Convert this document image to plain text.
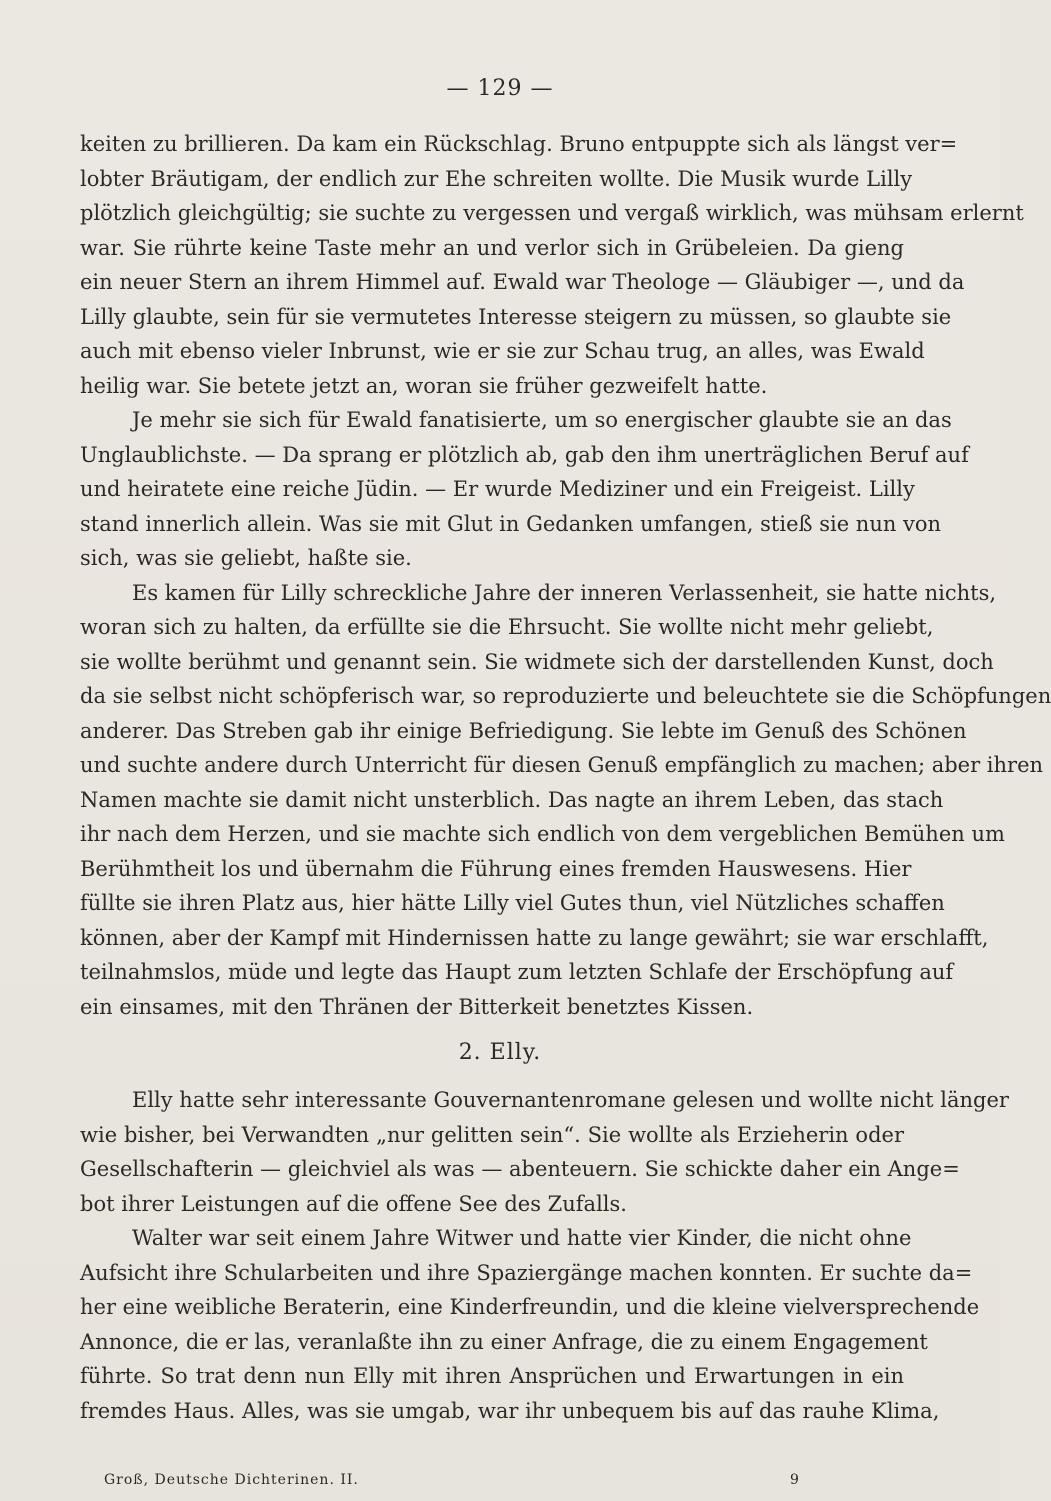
— 129 —
keiten zu brillieren. Da kam ein Rückschlag. Bruno entpuppte sich als längst ver=
lobter Bräutigam, der endlich zur Ehe schreiten wollte. Die Musik wurde Lilly
plötzlich gleichgültig; sie suchte zu vergessen und vergaß wirklich, was mühsam erlernt
war. Sie rührte keine Taste mehr an und verlor sich in Grübeleien. Da gieng
ein neuer Stern an ihrem Himmel auf. Ewald war Theologe — Gläubiger —, und da
Lilly glaubte, sein für sie vermutetes Interesse steigern zu müssen, so glaubte sie
auch mit ebenso vieler Inbrunst, wie er sie zur Schau trug, an alles, was Ewald
heilig war. Sie betete jetzt an, woran sie früher gezweifelt hatte.
Je mehr sie sich für Ewald fanatisierte, um so energischer glaubte sie an das
Unglaublichste. — Da sprang er plötzlich ab, gab den ihm unerträglichen Beruf auf
und heiratete eine reiche Jüdin. — Er wurde Mediziner und ein Freigeist. Lilly
stand innerlich allein. Was sie mit Glut in Gedanken umfangen, stieß sie nun von
sich, was sie geliebt, haßte sie.
Es kamen für Lilly schreckliche Jahre der inneren Verlassenheit, sie hatte nichts,
woran sich zu halten, da erfüllte sie die Ehrsucht. Sie wollte nicht mehr geliebt,
sie wollte berühmt und genannt sein. Sie widmete sich der darstellenden Kunst, doch
da sie selbst nicht schöpferisch war, so reproduzierte und beleuchtete sie die Schöpfungen
anderer. Das Streben gab ihr einige Befriedigung. Sie lebte im Genuß des Schönen
und suchte andere durch Unterricht für diesen Genuß empfänglich zu machen; aber ihren
Namen machte sie damit nicht unsterblich. Das nagte an ihrem Leben, das stach
ihr nach dem Herzen, und sie machte sich endlich von dem vergeblichen Bemühen um
Berühmtheit los und übernahm die Führung eines fremden Hauswesens. Hier
füllte sie ihren Platz aus, hier hätte Lilly viel Gutes thun, viel Nützliches schaffen
können, aber der Kampf mit Hindernissen hatte zu lange gewährt; sie war erschlafft,
teilnahmslos, müde und legte das Haupt zum letzten Schlafe der Erschöpfung auf
ein einsames, mit den Thränen der Bitterkeit benetztes Kissen.
2. Elly.
Elly hatte sehr interessante Gouvernantenromane gelesen und wollte nicht länger
wie bisher, bei Verwandten „nur gelitten sein“. Sie wollte als Erzieherin oder
Gesellschafterin — gleichviel als was — abenteuern. Sie schickte daher ein Ange=
bot ihrer Leistungen auf die offene See des Zufalls.
Walter war seit einem Jahre Witwer und hatte vier Kinder, die nicht ohne
Aufsicht ihre Schularbeiten und ihre Spaziergänge machen konnten. Er suchte da=
her eine weibliche Beraterin, eine Kinderfreundin, und die kleine vielversprechende
Annonce, die er las, veranlaßte ihn zu einer Anfrage, die zu einem Engagement
führte. So trat denn nun Elly mit ihren Ansprüchen und Erwartungen in ein
fremdes Haus. Alles, was sie umgab, war ihr unbequem bis auf das rauhe Klima,
Groß, Deutsche Dichterinen. II.	9
